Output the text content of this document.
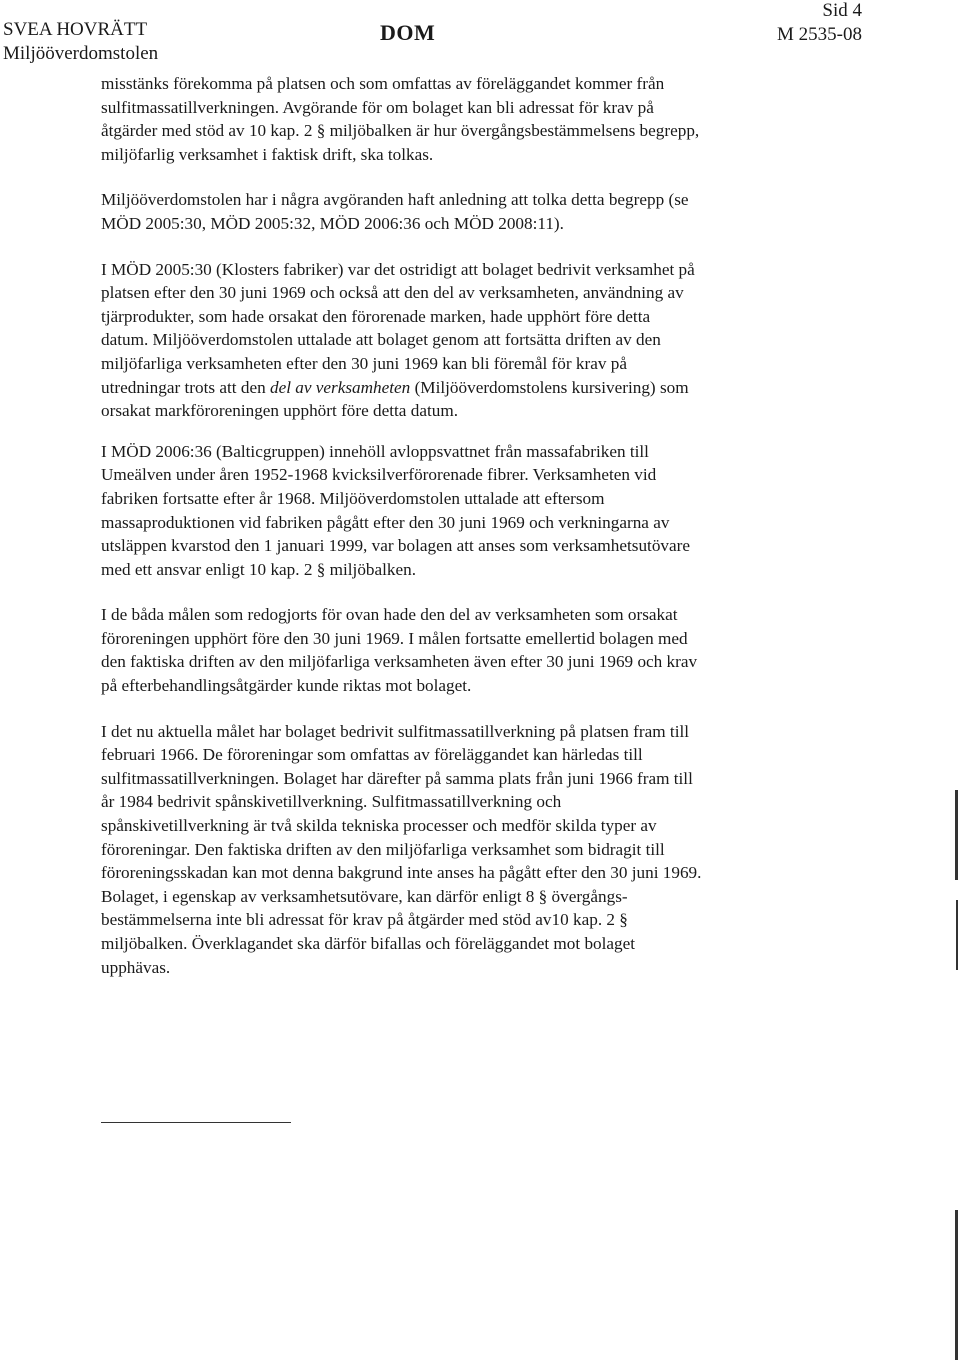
SVEA HOVRÄTT
Miljööverdomstolen
DOM
Sid 4
M 2535-08
misstänks förekomma på platsen och som omfattas av föreläggandet kommer från
sulfitmassatillverkningen. Avgörande för om bolaget kan bli adressat för krav på
åtgärder med stöd av 10 kap. 2 § miljöbalken är hur övergångsbestämmelsens begrepp,
miljöfarlig verksamhet i faktisk drift, ska tolkas.
Miljööverdomstolen har i några avgöranden haft anledning att tolka detta begrepp (se
MÖD 2005:30, MÖD 2005:32, MÖD 2006:36 och MÖD 2008:11).
I MÖD 2005:30 (Klosters fabriker) var det ostridigt att bolaget bedrivit verksamhet på
platsen efter den 30 juni 1969 och också att den del av verksamheten, användning av
tjärprodukter, som hade orsakat den förorenade marken, hade upphört före detta
datum. Miljööverdomstolen uttalade att bolaget genom att fortsätta driften av den
miljöfarliga verksamheten efter den 30 juni 1969 kan bli föremål för krav på
utredningar trots att den del av verksamheten (Miljööverdomstolens kursivering) som
orsakat markföroreningen upphört före detta datum.
I MÖD 2006:36 (Balticgruppen) innehöll avloppsvattnet från massafabriken till
Umeälven under åren 1952-1968 kvicksilverförorenade fibrer. Verksamheten vid
fabriken fortsatte efter år 1968. Miljööverdomstolen uttalade att eftersom
massaproduktionen vid fabriken pågått efter den 30 juni 1969 och verkningarna av
utsläppen kvarstod den 1 januari 1999, var bolagen att anses som verksamhetsutövare
med ett ansvar enligt 10 kap. 2 § miljöbalken.
I de båda målen som redogjorts för ovan hade den del av verksamheten som orsakat
föroreningen upphört före den 30 juni 1969. I målen fortsatte emellertid bolagen med
den faktiska driften av den miljöfarliga verksamheten även efter 30 juni 1969 och krav
på efterbehandlingsåtgärder kunde riktas mot bolaget.
I det nu aktuella målet har bolaget bedrivit sulfitmassatillverkning på platsen fram till
februari 1966. De föroreningar som omfattas av föreläggandet kan härledas till
sulfitmassatillverkningen. Bolaget har därefter på samma plats från juni 1966 fram till
år 1984 bedrivit spånskivetillverkning. Sulfitmassatillverkning och
spånskivetillverkning är två skilda tekniska processer och medför skilda typer av
föroreningar. Den faktiska driften av den miljöfarliga verksamhet som bidragit till
föroreningsskadan kan mot denna bakgrund inte anses ha pågått efter den 30 juni 1969.
Bolaget, i egenskap av verksamhetsutövare, kan därför enligt 8 § övergångs-
bestämmelserna inte bli adressat för krav på åtgärder med stöd av10 kap. 2 §
miljöbalken. Överklagandet ska därför bifallas och föreläggandet mot bolaget
upphävas.
